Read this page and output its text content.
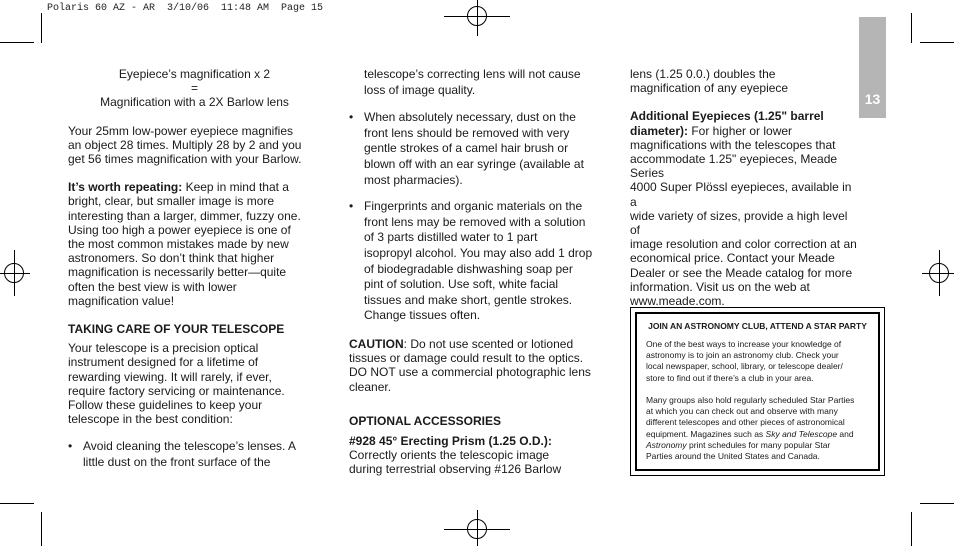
Polaris 60 AZ - AR  3/10/06  11:48 AM  Page 15
13

Eyepiece’s magnification x 2

=

Magnification with a 2X Barlow lens

Your 25mm low-power eyepiece magnifies

an object 28 times. Multiply 28 by 2 and you

get 56 times magnification with your Barlow.

It’s worth repeating: Keep in mind that a

bright, clear, but smaller image is more

interesting than a larger, dimmer, fuzzy one.

Using too high a power eyepiece is one of

the most common mistakes made by new

astronomers. So don’t think that higher

magnification is necessarily better—quite

often the best view is with lower

magnification value!

TAKING CARE OF YOUR TELESCOPE

Your telescope is a precision optical

instrument designed for a lifetime of

rewarding viewing. It will rarely, if ever,

require factory servicing or maintenance.

Follow these guidelines to keep your

telescope in the best condition:

• Avoid cleaning the telescope’s lenses. A

little dust on the front surface of the

telescope’s correcting lens will not cause

loss of image quality.

• When absolutely necessary, dust on the

front lens should be removed with very

gentle strokes of a camel hair brush or

blown off with an ear syringe (available at

most pharmacies).

• Fingerprints and organic materials on the

front lens may be removed with a solution

of 3 parts distilled water to 1 part

isopropyl alcohol. You may also add 1 drop

of biodegradable dishwashing soap per

pint of solution. Use soft, white facial

tissues and make short, gentle strokes.

Change tissues often.

CAUTION: Do not use scented or lotioned

tissues or damage could result to the optics.

DO NOT use a commercial photographic lens

cleaner.

OPTIONAL ACCESSORIES

#928 45° Erecting Prism (1.25 O.D.):

Correctly orients the telescopic image

during terrestrial observing #126 Barlow

lens (1.25 0.0.) doubles the

magnification of any eyepiece

Additional Eyepieces (1.25" barrel

diameter): For higher or lower

magnifications with the telescopes that

accommodate 1.25" eyepieces, Meade Series

4000 Super Plössl eyepieces, available in a

wide variety of sizes, provide a high level of

image resolution and color correction at an

economical price. Contact your Meade

Dealer or see the Meade catalog for more

information. Visit us on the web at

www.meade.com.

JOIN AN ASTRONOMY CLUB, ATTEND A STAR PARTY

One of the best ways to increase your knowledge of

astronomy is to join an astronomy club. Check your

local newspaper, school, library, or telescope dealer/

store to find out if there’s a club in your area.

Many groups also hold regularly scheduled Star Parties

at which you can check out and observe with many

different telescopes and other pieces of astronomical

equipment. Magazines such as Sky and Telescope and

Astronomy print schedules for many popular Star

Parties around the United States and Canada.
